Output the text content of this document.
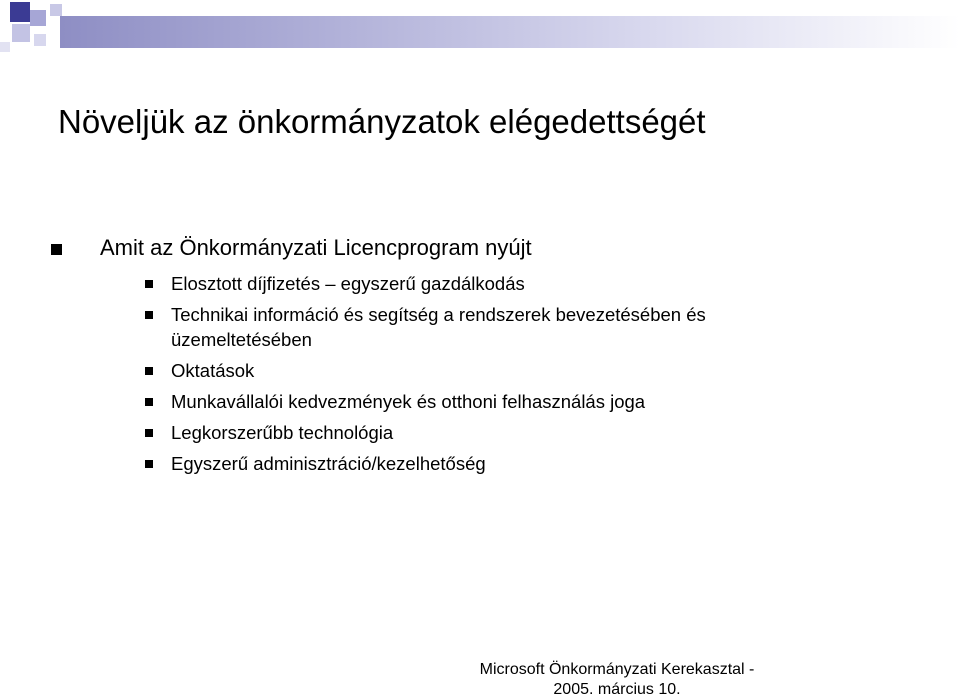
Növeljük az önkormányzatok elégedettségét
Amit az Önkormányzati Licencprogram nyújt
Elosztott díjfizetés – egyszerű gazdálkodás
Technikai információ és segítség a rendszerek bevezetésében és
üzemeltetésében
Oktatások
Munkavállalói kedvezmények és otthoni felhasználás joga
Legkorszerűbb technológia
Egyszerű adminisztráció/kezelhetőség
Microsoft Önkormányzati Kerekasztal -
2005. március 10.
